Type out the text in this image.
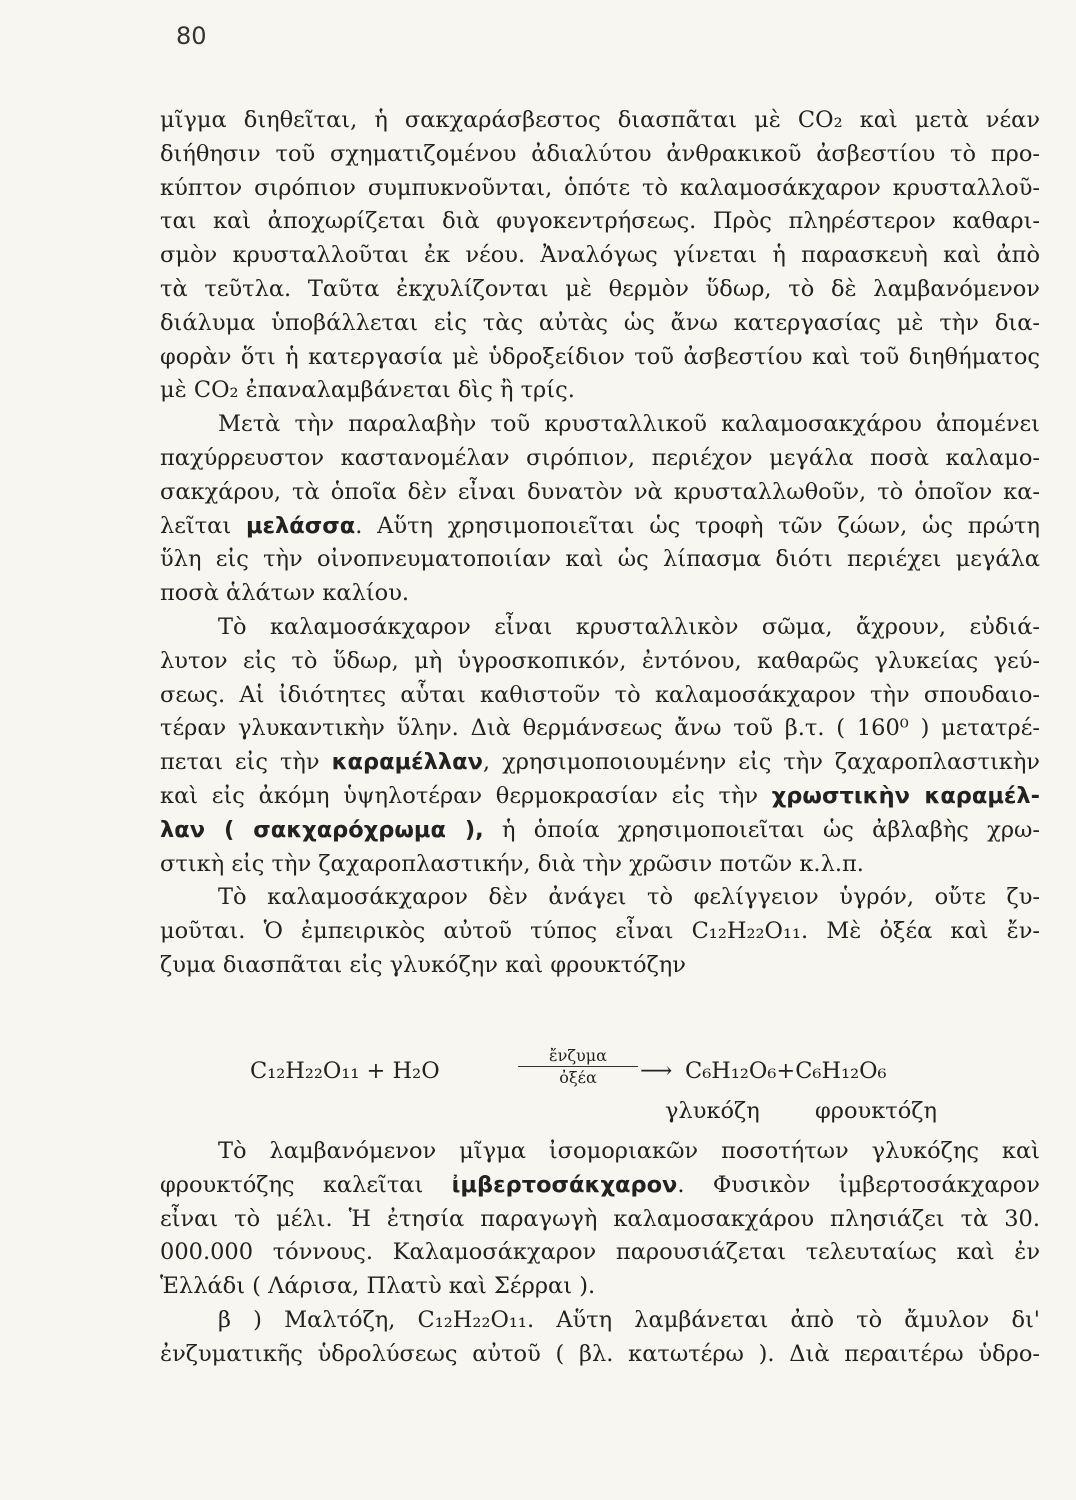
80
μῖγμα διηθεῖται, ἡ σακχαράσβεστος διασπᾶται μὲ CO₂ καὶ μετὰ νέαν
διήθησιν τοῦ σχηματιζομένου ἀδιαλύτου ἀνθρακικοῦ ἀσβεστίου τὸ προ-
κύπτον σιρόπιον συμπυκνοῦνται, ὁπότε τὸ καλαμοσάκχαρον κρυσταλλοῦ-
ται καὶ ἀποχωρίζεται διὰ φυγοκεντρήσεως. Πρὸς πληρέστερον καθαρι-
σμὸν κρυσταλλοῦται ἐκ νέου. Ἀναλόγως γίνεται ἡ παρασκευὴ καὶ ἀπὸ
τὰ τεῦτλα. Ταῦτα ἐκχυλίζονται μὲ θερμὸν ὕδωρ, τὸ δὲ λαμβανόμενον
διάλυμα ὑποβάλλεται εἰς τὰς αὐτὰς ὡς ἄνω κατεργασίας μὲ τὴν δια-
φορὰν ὅτι ἡ κατεργασία μὲ ὑδροξείδιον τοῦ ἀσβεστίου καὶ τοῦ διηθήματος
μὲ CO₂ ἐπαναλαμβάνεται δὶς ἢ τρίς.
Μετὰ τὴν παραλαβὴν τοῦ κρυσταλλικοῦ καλαμοσακχάρου ἀπομένει
παχύρρευστον καστανομέλαν σιρόπιον, περιέχον μεγάλα ποσὰ καλαμο-
σακχάρου, τὰ ὁποῖα δὲν εἶναι δυνατὸν νὰ κρυσταλλωθοῦν, τὸ ὁποῖον κα-
λεῖται μελάσσα. Αὕτη χρησιμοποιεῖται ὡς τροφὴ τῶν ζώων, ὡς πρώτη
ὕλη εἰς τὴν οἰνοπνευματοποιίαν καὶ ὡς λίπασμα διότι περιέχει μεγάλα
ποσὰ ἁλάτων καλίου.
Τὸ καλαμοσάκχαρον εἶναι κρυσταλλικὸν σῶμα, ἄχρουν, εὐδιά-
λυτον εἰς τὸ ὕδωρ, μὴ ὑγροσκοπικόν, ἐντόνου, καθαρῶς γλυκείας γεύ-
σεως. Αἱ ἰδιότητες αὗται καθιστοῦν τὸ καλαμοσάκχαρον τὴν σπουδαιο-
τέραν γλυκαντικὴν ὕλην. Διὰ θερμάνσεως ἄνω τοῦ β.τ. ( 160⁰ ) μετατρέ-
πεται εἰς τὴν καραμέλλαν, χρησιμοποιουμένην εἰς τὴν ζαχαροπλαστικὴν
καὶ εἰς ἀκόμη ὑψηλοτέραν θερμοκρασίαν εἰς τὴν χρωστικὴν καραμέλ-
λαν ( σακχαρόχρωμα ), ἡ ὁποία χρησιμοποιεῖται ὡς ἀβλαβὴς χρω-
στικὴ εἰς τὴν ζαχαροπλαστικήν, διὰ τὴν χρῶσιν ποτῶν κ.λ.π.
Τὸ καλαμοσάκχαρον δὲν ἀνάγει τὸ φελίγγειον ὑγρόν, οὔτε ζυ-
μοῦται. Ὁ ἐμπειρικὸς αὐτοῦ τύπος εἶναι C₁₂H₂₂O₁₁. Μὲ ὀξέα καὶ ἔν-
ζυμα διασπᾶται εἰς γλυκόζην καὶ φρουκτόζην
C₁₂H₂₂O₁₁ + H₂O
ἔνζυμα
ὀξέα	⟶ C₆H₁₂O₆+C₆H₁₂O₆
γλυκόζη φρουκτόζη
Τὸ λαμβανόμενον μῖγμα ἰσομοριακῶν ποσοτήτων γλυκόζης καὶ
φρουκτόζης καλεῖται ἰμβερτοσάκχαρον. Φυσικὸν ἰμβερτοσάκχαρον
εἶναι τὸ μέλι. Ἡ ἐτησία παραγωγὴ καλαμοσακχάρου πλησιάζει τὰ 30.
000.000 τόννους. Καλαμοσάκχαρον παρουσιάζεται τελευταίως καὶ ἐν
Ἑλλάδι ( Λάρισα, Πλατὺ καὶ Σέρραι ).
β ) Μαλτόζη, C₁₂H₂₂O₁₁. Αὕτη λαμβάνεται ἀπὸ τὸ ἄμυλον δι'
ἐνζυματικῆς ὑδρολύσεως αὐτοῦ ( βλ. κατωτέρω ). Διὰ περαιτέρω ὑδρο-
